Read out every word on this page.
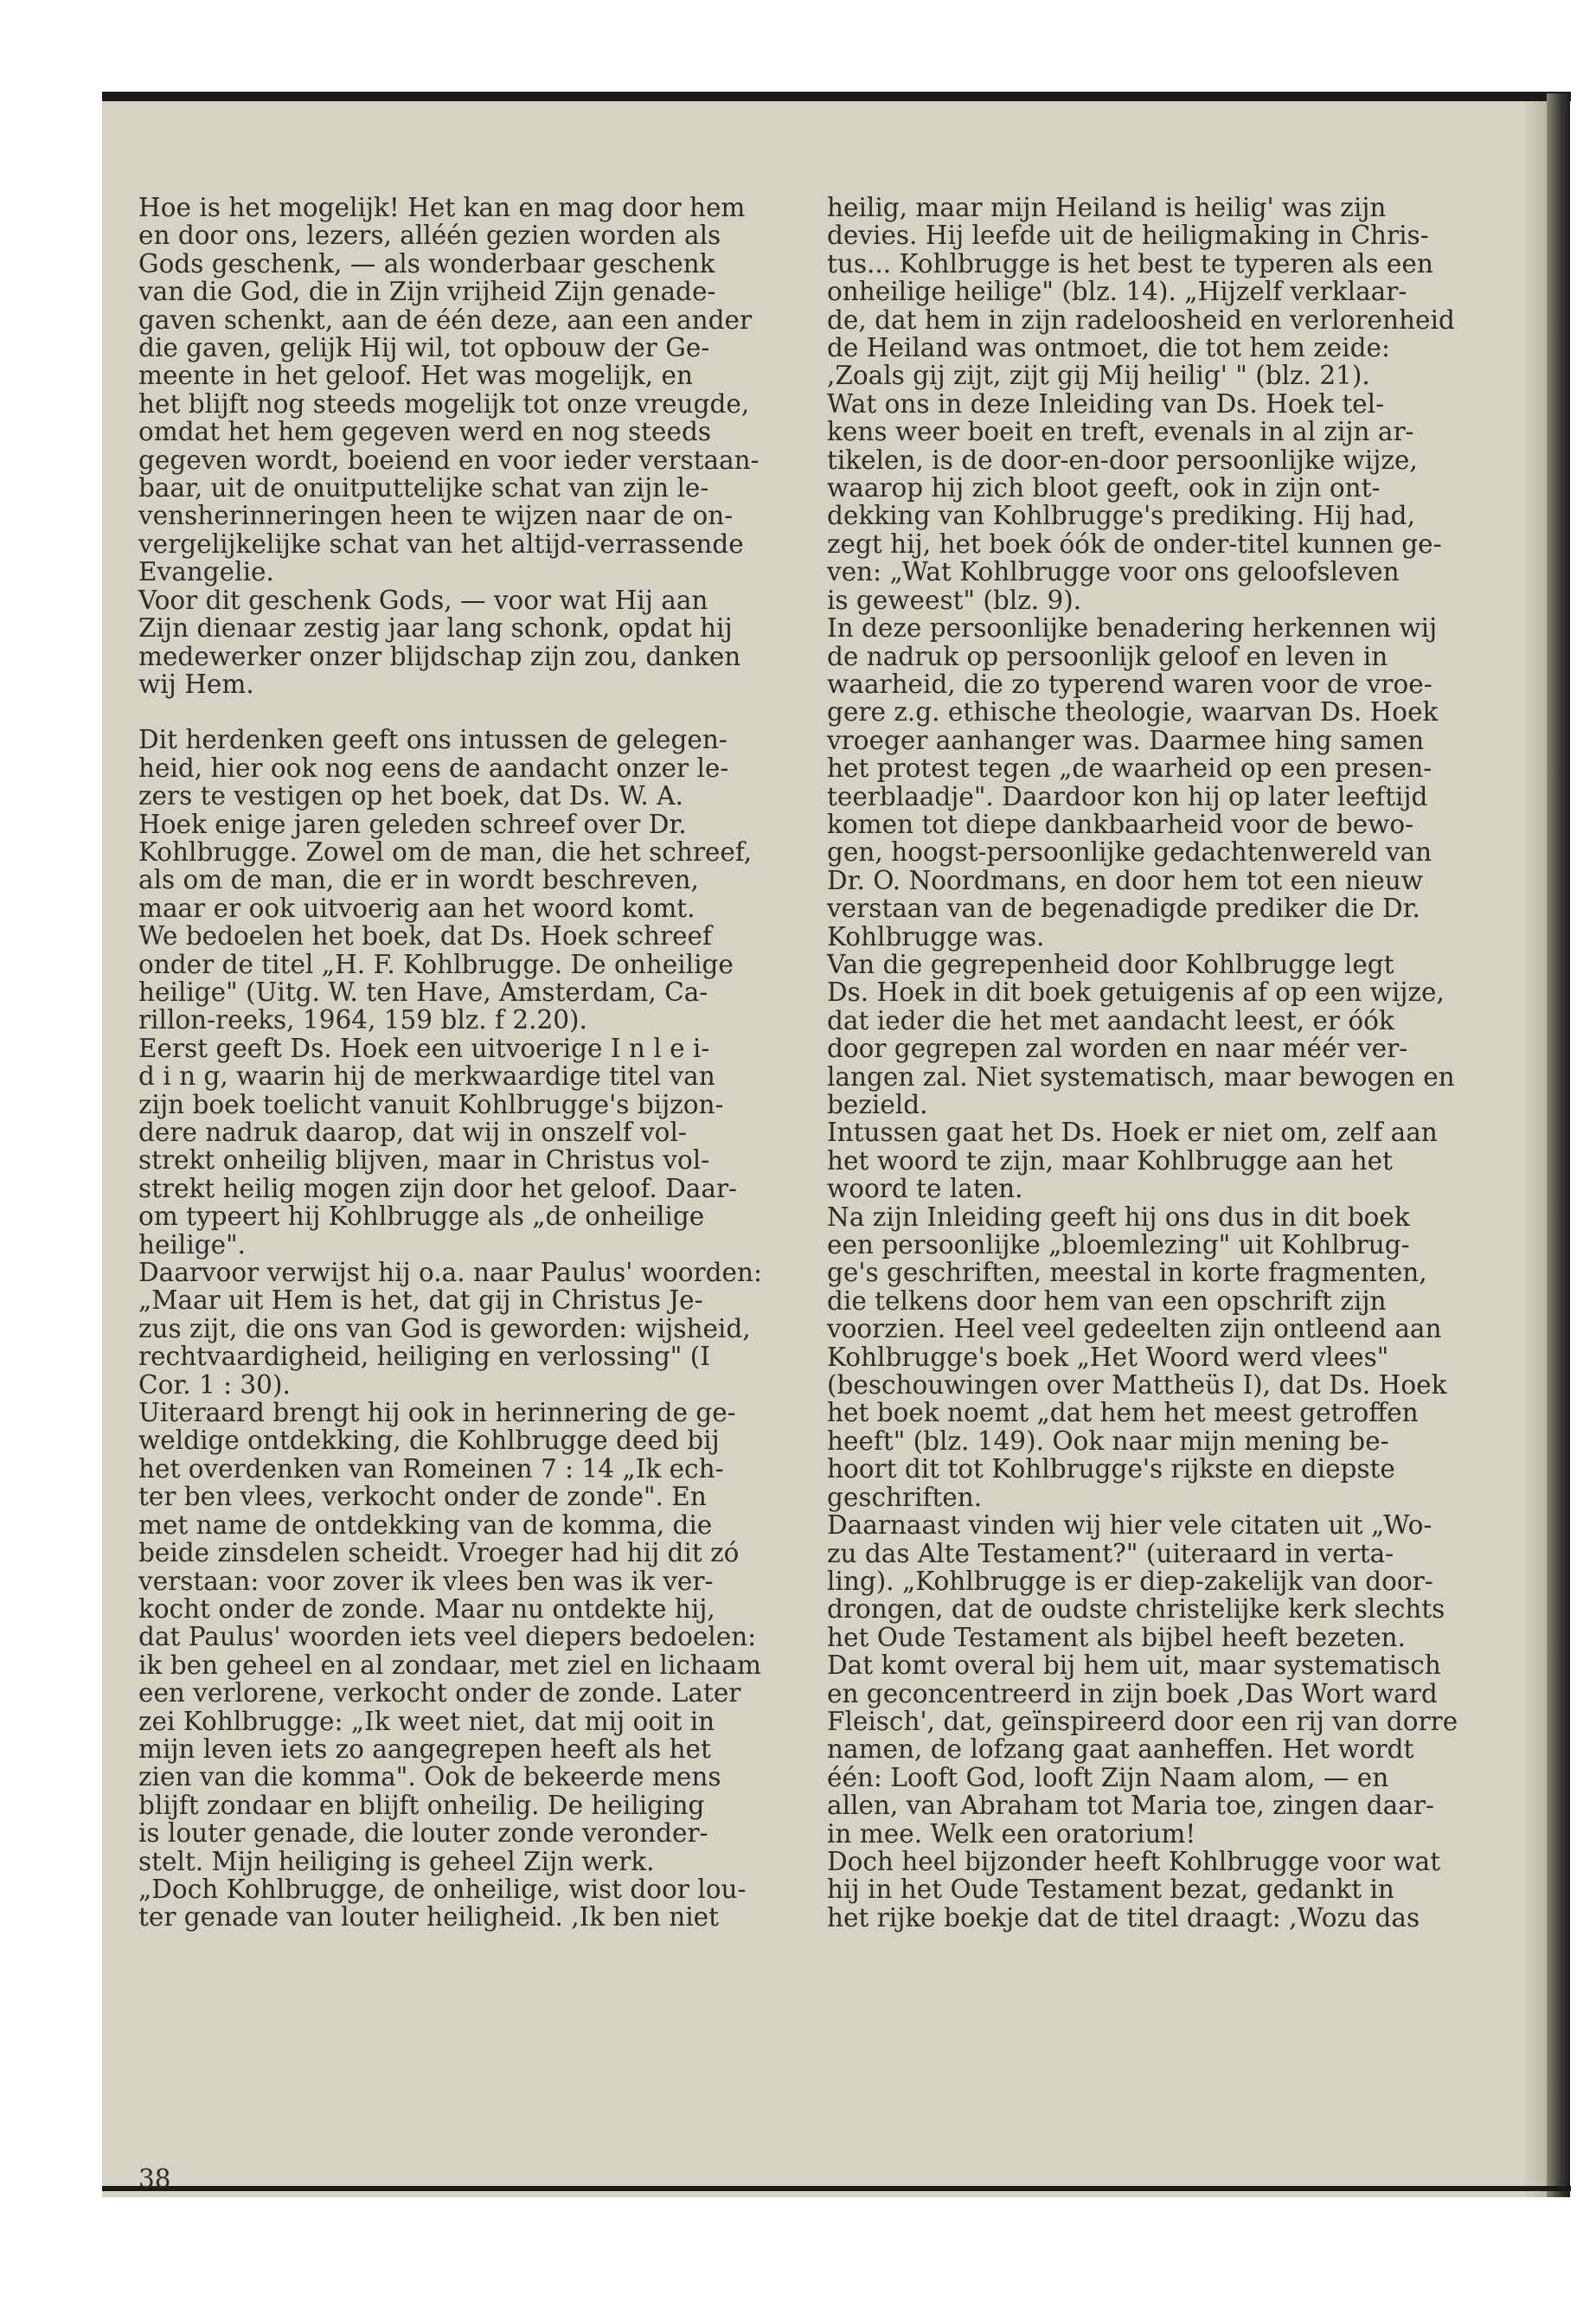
Hoe is het mogelijk! Het kan en mag door hem

en door ons, lezers, alléén gezien worden als

Gods geschenk, — als wonderbaar geschenk

van die God, die in Zijn vrijheid Zijn genade-

gaven schenkt, aan de één deze, aan een ander

die gaven, gelijk Hij wil, tot opbouw der Ge-

meente in het geloof. Het was mogelijk, en

het blijft nog steeds mogelijk tot onze vreugde,

omdat het hem gegeven werd en nog steeds

gegeven wordt, boeiend en voor ieder verstaan-

baar, uit de onuitputtelijke schat van zijn le-

vensherinneringen heen te wijzen naar de on-

vergelijkelijke schat van het altijd-verrassende

Evangelie.

Voor dit geschenk Gods, — voor wat Hij aan

Zijn dienaar zestig jaar lang schonk, opdat hij

medewerker onzer blijdschap zijn zou, danken

wij Hem.

Dit herdenken geeft ons intussen de gelegen-

heid, hier ook nog eens de aandacht onzer le-

zers te vestigen op het boek, dat Ds. W. A.

Hoek enige jaren geleden schreef over Dr.

Kohlbrugge. Zowel om de man, die het schreef,

als om de man, die er in wordt beschreven,

maar er ook uitvoerig aan het woord komt.

We bedoelen het boek, dat Ds. Hoek schreef

onder de titel „H. F. Kohlbrugge. De onheilige

heilige" (Uitg. W. ten Have, Amsterdam, Ca-

rillon-reeks, 1964, 159 blz. f 2.20).

Eerst geeft Ds. Hoek een uitvoerige I n l e i-

d i n g, waarin hij de merkwaardige titel van

zijn boek toelicht vanuit Kohlbrugge's bijzon-

dere nadruk daarop, dat wij in onszelf vol-

strekt onheilig blijven, maar in Christus vol-

strekt heilig mogen zijn door het geloof. Daar-

om typeert hij Kohlbrugge als „de onheilige

heilige".

Daarvoor verwijst hij o.a. naar Paulus' woorden:

„Maar uit Hem is het, dat gij in Christus Je-

zus zijt, die ons van God is geworden: wijsheid,

rechtvaardigheid, heiliging en verlossing" (I

Cor. 1 : 30).

Uiteraard brengt hij ook in herinnering de ge-

weldige ontdekking, die Kohlbrugge deed bij

het overdenken van Romeinen 7 : 14 „Ik ech-

ter ben vlees, verkocht onder de zonde". En

met name de ontdekking van de komma, die

beide zinsdelen scheidt. Vroeger had hij dit zó

verstaan: voor zover ik vlees ben was ik ver-

kocht onder de zonde. Maar nu ontdekte hij,

dat Paulus' woorden iets veel diepers bedoelen:

ik ben geheel en al zondaar, met ziel en lichaam

een verlorene, verkocht onder de zonde. Later

zei Kohlbrugge: „Ik weet niet, dat mij ooit in

mijn leven iets zo aangegrepen heeft als het

zien van die komma". Ook de bekeerde mens

blijft zondaar en blijft onheilig. De heiliging

is louter genade, die louter zonde veronder-

stelt. Mijn heiliging is geheel Zijn werk.

„Doch Kohlbrugge, de onheilige, wist door lou-

ter genade van louter heiligheid. ,Ik ben niet

heilig, maar mijn Heiland is heilig' was zijn

devies. Hij leefde uit de heiligmaking in Chris-

tus... Kohlbrugge is het best te typeren als een

onheilige heilige" (blz. 14). „Hijzelf verklaar-

de, dat hem in zijn radeloosheid en verlorenheid

de Heiland was ontmoet, die tot hem zeide:

,Zoals gij zijt, zijt gij Mij heilig' " (blz. 21).

Wat ons in deze Inleiding van Ds. Hoek tel-

kens weer boeit en treft, evenals in al zijn ar-

tikelen, is de door-en-door persoonlijke wijze,

waarop hij zich bloot geeft, ook in zijn ont-

dekking van Kohlbrugge's prediking. Hij had,

zegt hij, het boek óók de onder-titel kunnen ge-

ven: „Wat Kohlbrugge voor ons geloofsleven

is geweest" (blz. 9).

In deze persoonlijke benadering herkennen wij

de nadruk op persoonlijk geloof en leven in

waarheid, die zo typerend waren voor de vroe-

gere z.g. ethische theologie, waarvan Ds. Hoek

vroeger aanhanger was. Daarmee hing samen

het protest tegen „de waarheid op een presen-

teerblaadje". Daardoor kon hij op later leeftijd

komen tot diepe dankbaarheid voor de bewo-

gen, hoogst-persoonlijke gedachtenwereld van

Dr. O. Noordmans, en door hem tot een nieuw

verstaan van de begenadigde prediker die Dr.

Kohlbrugge was.

Van die gegrepenheid door Kohlbrugge legt

Ds. Hoek in dit boek getuigenis af op een wijze,

dat ieder die het met aandacht leest, er óók

door gegrepen zal worden en naar méér ver-

langen zal. Niet systematisch, maar bewogen en

bezield.

Intussen gaat het Ds. Hoek er niet om, zelf aan

het woord te zijn, maar Kohlbrugge aan het

woord te laten.

Na zijn Inleiding geeft hij ons dus in dit boek

een persoonlijke „bloemlezing" uit Kohlbrug-

ge's geschriften, meestal in korte fragmenten,

die telkens door hem van een opschrift zijn

voorzien. Heel veel gedeelten zijn ontleend aan

Kohlbrugge's boek „Het Woord werd vlees"

(beschouwingen over Mattheüs I), dat Ds. Hoek

het boek noemt „dat hem het meest getroffen

heeft" (blz. 149). Ook naar mijn mening be-

hoort dit tot Kohlbrugge's rijkste en diepste

geschriften.

Daarnaast vinden wij hier vele citaten uit „Wo-

zu das Alte Testament?" (uiteraard in verta-

ling). „Kohlbrugge is er diep-zakelijk van door-

drongen, dat de oudste christelijke kerk slechts

het Oude Testament als bijbel heeft bezeten.

Dat komt overal bij hem uit, maar systematisch

en geconcentreerd in zijn boek ,Das Wort ward

Fleisch', dat, geïnspireerd door een rij van dorre

namen, de lofzang gaat aanheffen. Het wordt

één: Looft God, looft Zijn Naam alom, — en

allen, van Abraham tot Maria toe, zingen daar-

in mee. Welk een oratorium!

Doch heel bijzonder heeft Kohlbrugge voor wat

hij in het Oude Testament bezat, gedankt in

het rijke boekje dat de titel draagt: ,Wozu das

38
